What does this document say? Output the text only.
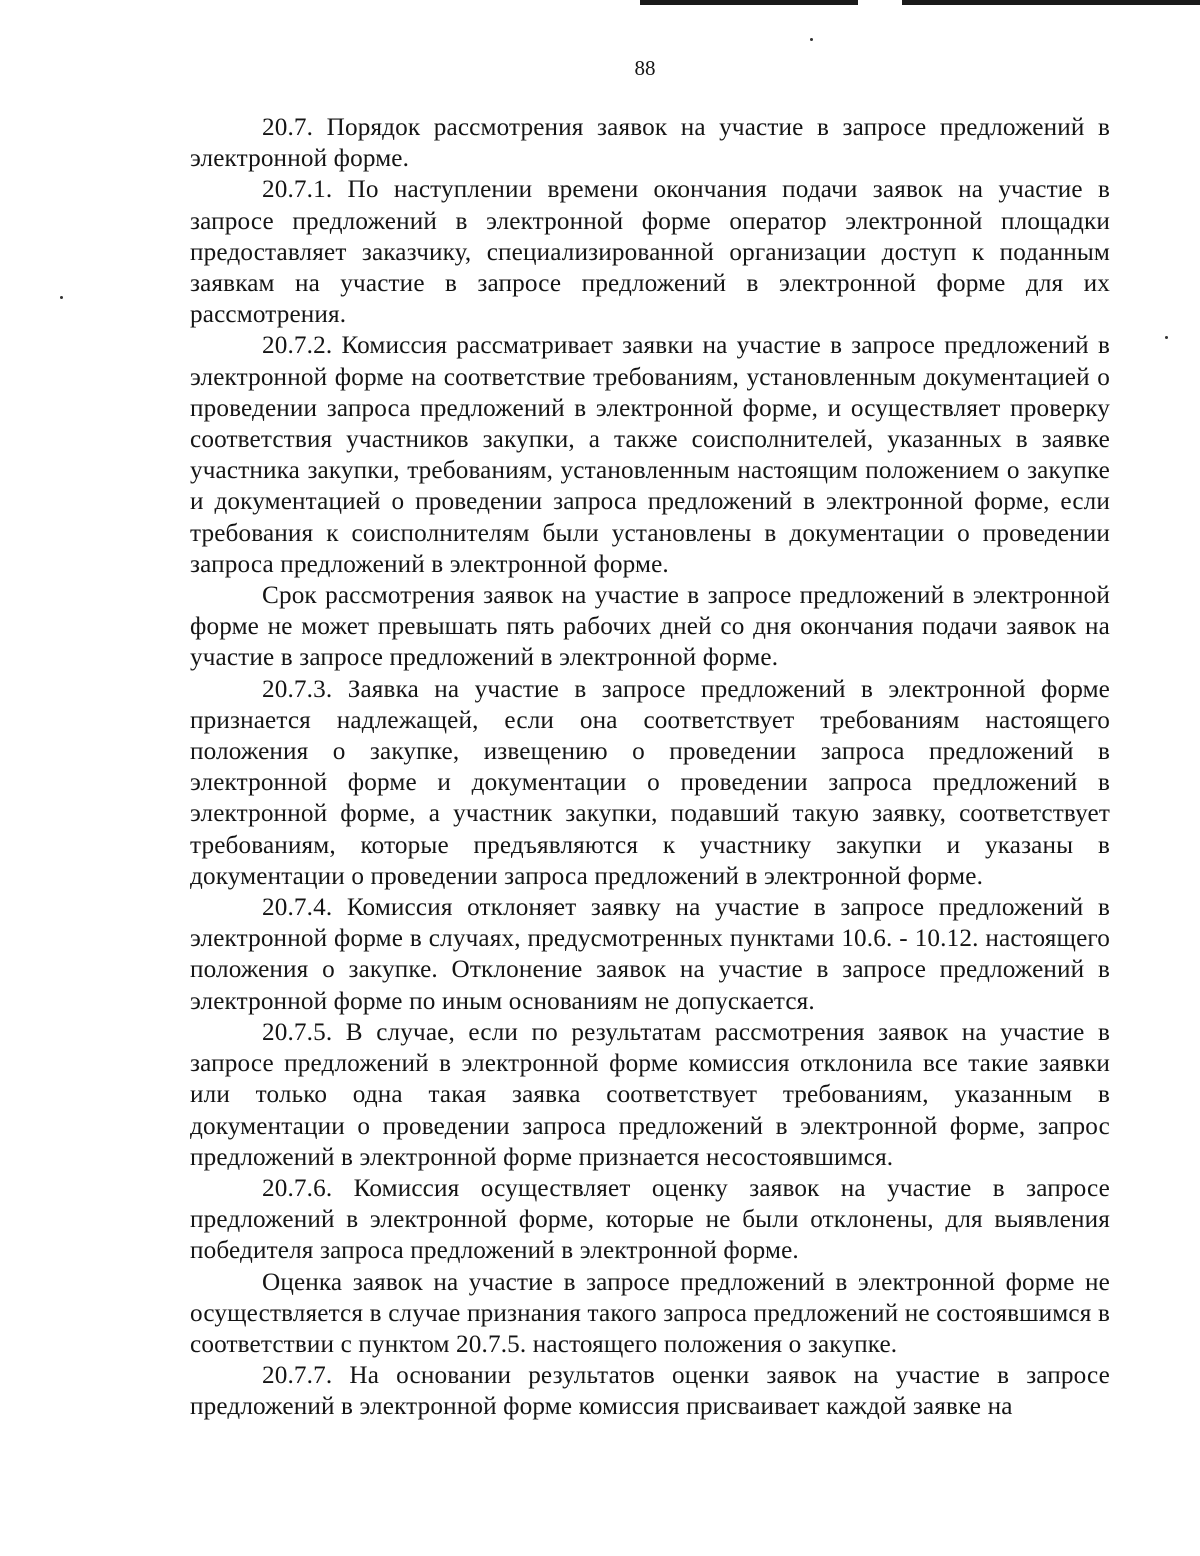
88

20.7. Порядок рассмотрения заявок на участие в запросе предложений в электронной форме.

20.7.1. По наступлении времени окончания подачи заявок на участие в запросе предложений в электронной форме оператор электронной площадки предоставляет заказчику, специализированной организации доступ к поданным заявкам на участие в запросе предложений в электронной форме для их рассмотрения.

20.7.2. Комиссия рассматривает заявки на участие в запросе предложений в электронной форме на соответствие требованиям, установленным документацией о проведении запроса предложений в электронной форме, и осуществляет проверку соответствия участников закупки, а также соисполнителей, указанных в заявке участника закупки, требованиям, установленным настоящим положением о закупке и документацией о проведении запроса предложений в электронной форме, если требования к соисполнителям были установлены в документации о проведении запроса предложений в электронной форме.

Срок рассмотрения заявок на участие в запросе предложений в электронной форме не может превышать пять рабочих дней со дня окончания подачи заявок на участие в запросе предложений в электронной форме.

20.7.3. Заявка на участие в запросе предложений в электронной форме признается надлежащей, если она соответствует требованиям настоящего положения о закупке, извещению о проведении запроса предложений в электронной форме и документации о проведении запроса предложений в электронной форме, а участник закупки, подавший такую заявку, соответствует требованиям, которые предъявляются к участнику закупки и указаны в документации о проведении запроса предложений в электронной форме.

20.7.4. Комиссия отклоняет заявку на участие в запросе предложений в электронной форме в случаях, предусмотренных пунктами 10.6. - 10.12. настоящего положения о закупке. Отклонение заявок на участие в запросе предложений в электронной форме по иным основаниям не допускается.

20.7.5. В случае, если по результатам рассмотрения заявок на участие в запросе предложений в электронной форме комиссия отклонила все такие заявки или только одна такая заявка соответствует требованиям, указанным в документации о проведении запроса предложений в электронной форме, запрос предложений в электронной форме признается несостоявшимся.

20.7.6. Комиссия осуществляет оценку заявок на участие в запросе предложений в электронной форме, которые не были отклонены, для выявления победителя запроса предложений в электронной форме.

Оценка заявок на участие в запросе предложений в электронной форме не осуществляется в случае признания такого запроса предложений не состоявшимся в соответствии с пунктом 20.7.5. настоящего положения о закупке.

20.7.7. На основании результатов оценки заявок на участие в запросе предложений в электронной форме комиссия присваивает каждой заявке на
